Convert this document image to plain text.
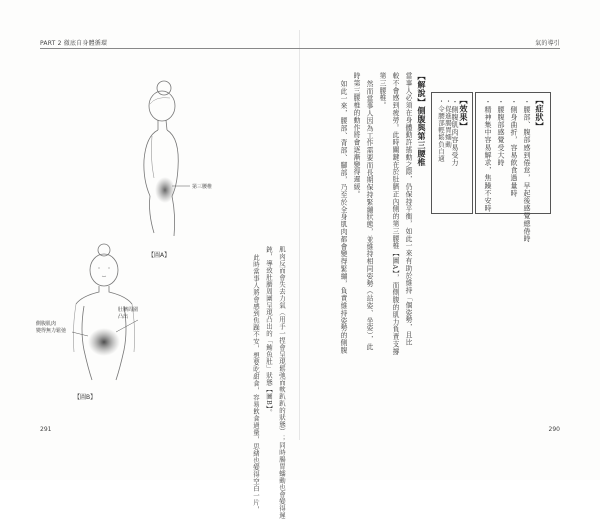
PART 2 徹底自身體循環	氣的導引
291	290
【症狀】
・腰部、腹部感到倦怠，早起後感覺總倦時
・側身曲折，容易飲食過量時
・腰腹部感覺受大時
・精神集中容易解求，焦躁不安時
【效果】
・側腹肌肉容易受力
・促進腸胃蠕動
・令腰部輕鬆負自適
【解說】側腹與第三腰椎
當事人必須在身體動許搖動之際，仍保持平衡，如此一來有助於維持「個姿勢，且比
較不會感到疲勞。此時關鍵在於肚臍正內側的第三腰椎【圖A】，而側腹的肌力負責支撐
第三腰椎。
然而當事人因為工作需要而長期保持緊繃狀態，並維持相同姿勢（站姿、坐姿），此
時第三腰椎的動作將會逐漸變得遲緩。
如此一來，腰部、背部、腳部，乃至於全身肌肉都會變得緊繃，負責維持姿勢的側腹
肌肉反而會失去力氣（用手一捏會呈現鬆弛而軟趴趴的狀態）；同時腸胃蠕動也會變得遲
鈍，導致肚臍周圍呈現凸出的「鮪魚肚」狀態【圖B】。
此時當事人將會感到焦躁不安，想要吃甜食，容易飲食過量，思緒也變得空白一片，
第三腰椎
【圖A】
側腹肌肉
變得無力鬆弛
肚臍周圍
凸出
【圖B】
